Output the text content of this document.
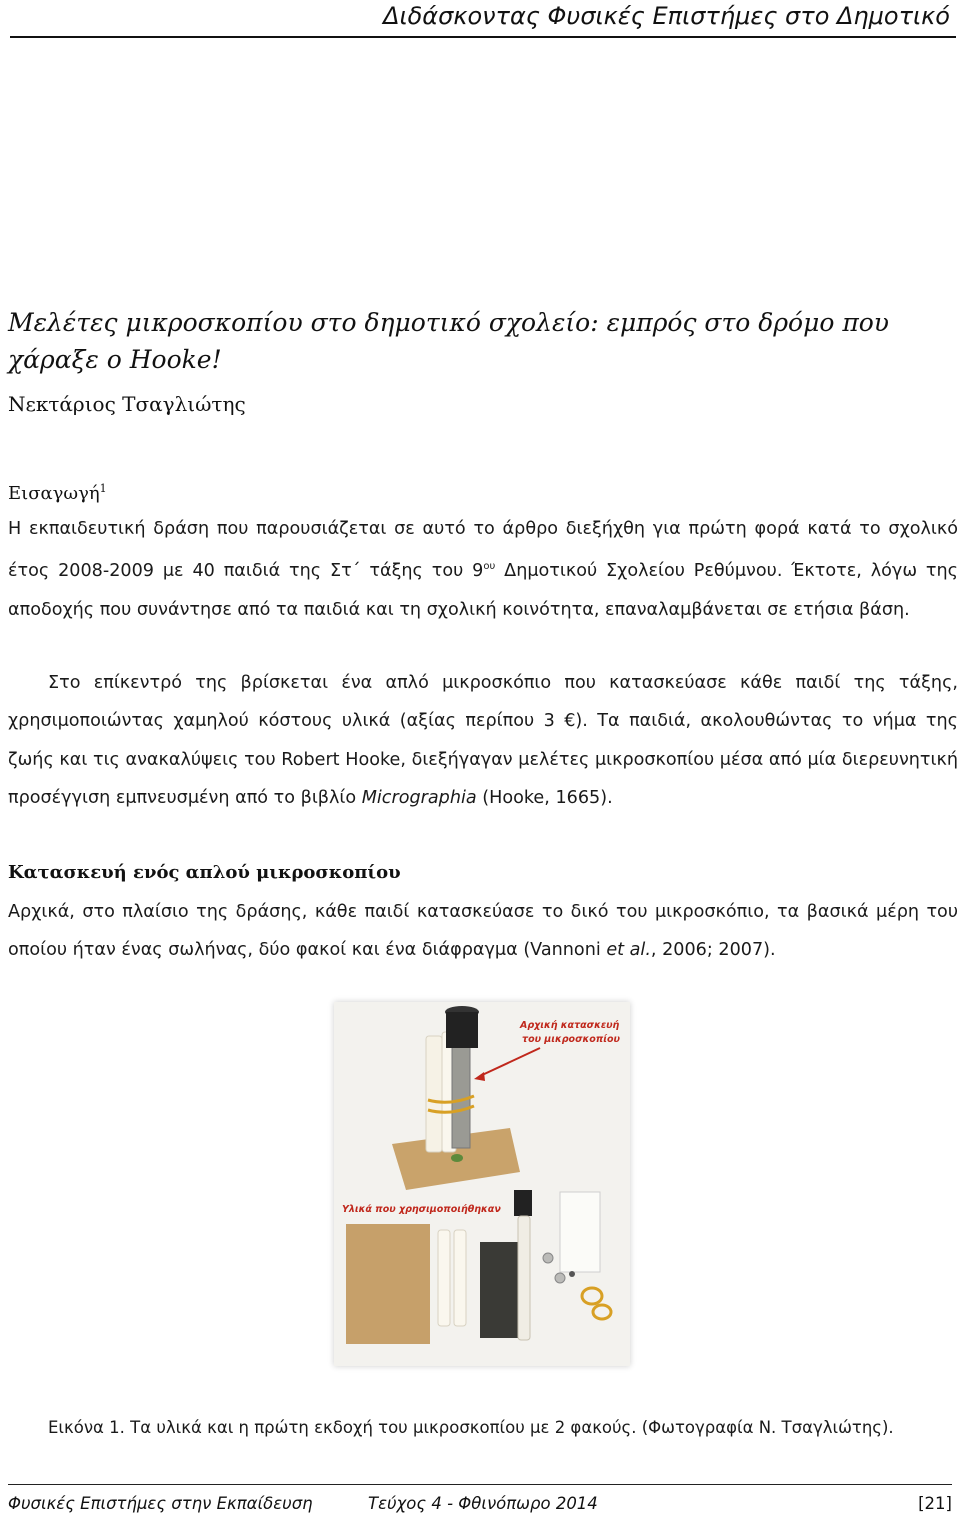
Διδάσκοντας Φυσικές Επιστήμες στο Δημοτικό
Μελέτες μικροσκοπίου στο δημοτικό σχολείο: εμπρός στο δρόμο που
χάραξε ο Hooke!
Νεκτάριος Τσαγλιώτης
Εισαγωγή$^1$
Η εκπαιδευτική δράση που παρουσιάζεται σε αυτό το άρθρο διεξήχθη για πρώτη φορά κατά το σχολικό έτος 2008-2009 με 40 παιδιά της Στ΄ τάξης του $9^{o\upsilon}$ Δημοτικού Σχολείου Ρεθύμνου. Έκτοτε, λόγω της αποδοχής που συνάντησε από τα παιδιά και τη σχολική κοινότητα, επαναλαμβάνεται σε ετήσια βάση.
Στο επίκεντρό της βρίσκεται ένα απλό μικροσκόπιο που κατασκεύασε κάθε παιδί της τάξης, χρησιμοποιώντας χαμηλού κόστους υλικά (αξίας περίπου 3 €). Τα παιδιά, ακολουθώντας το νήμα της ζωής και τις ανακαλύψεις του Robert Hooke, διεξήγαγαν μελέτες μικροσκοπίου μέσα από μία διερευνητική προσέγγιση εμπνευσμένη από το βιβλίο Micrographia (Hooke, 1665).
Κατασκευή ενός απλού μικροσκοπίου
Αρχικά, στο πλαίσιο της δράσης, κάθε παιδί κατασκεύασε το δικό του μικροσκόπιο, τα βασικά μέρη του οποίου ήταν ένας σωλήνας, δύο φακοί και ένα διάφραγμα (Vannoni et al., 2006; 2007).
Αρχική κατασκευή
του μικροσκοπίου
Υλικά που χρησιμοποιήθηκαν
Εικόνα 1. Τα υλικά και η πρώτη εκδοχή του μικροσκοπίου με 2 φακούς. (Φωτογραφία Ν. Τσαγλιώτης).
Φυσικές Επιστήμες στην Εκπαίδευση	Τεύχος 4 - Φθινόπωρο 2014	[21]
